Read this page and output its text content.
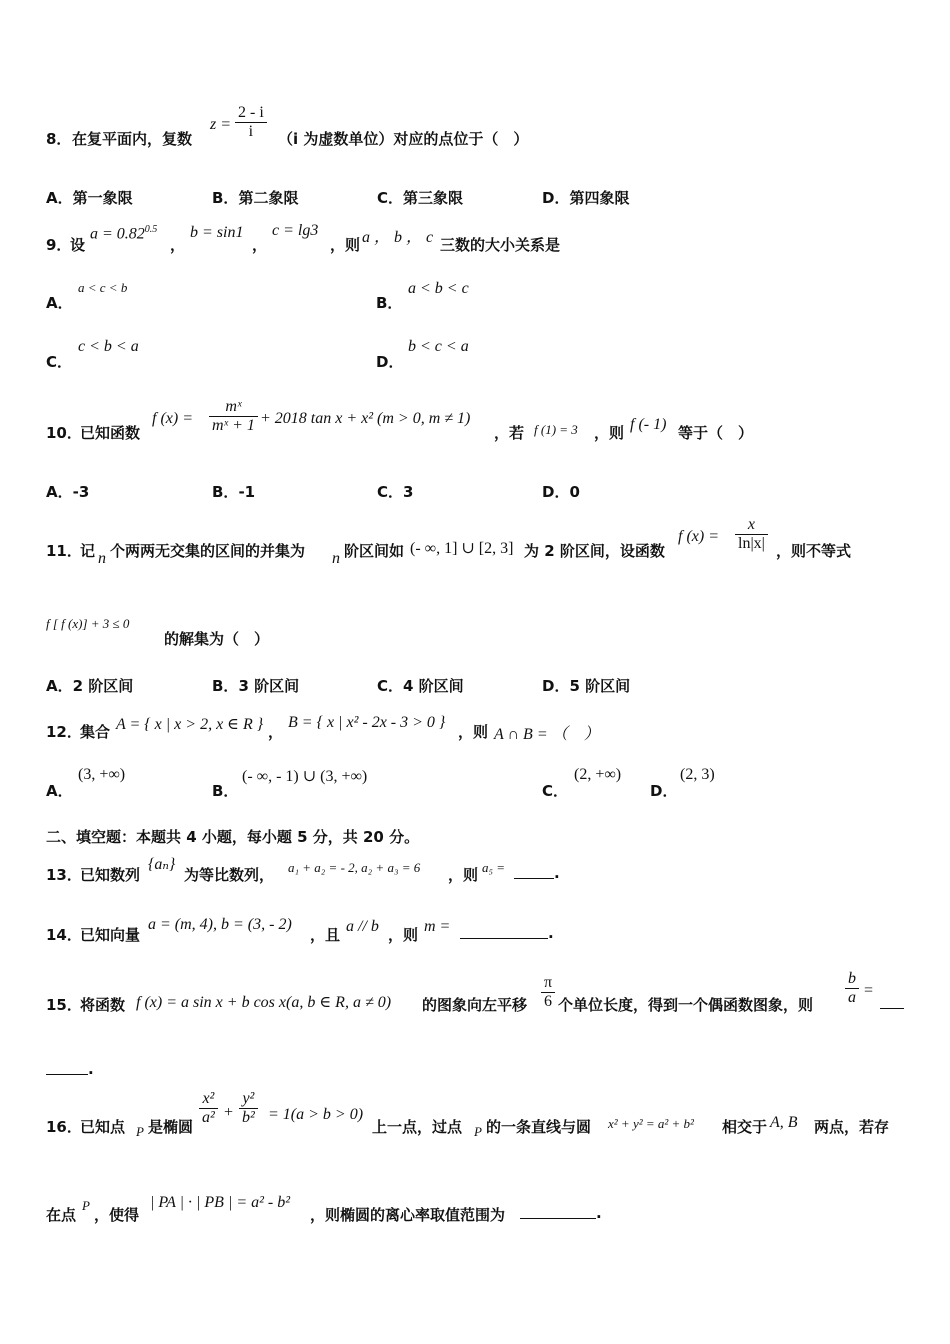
8． 在复平面内，复数
$z = \frac{2 - i}{i} (i$ 为虚数单位）对应的点位于（　）
A．第一象限	B．第二象限	C．第三象限	D．第四象限
9．
设
$a = 0.82^{0.5}$
，
b = sin1
，
c = lg3
，则 a ， b ， c 三数的大小关系是
A．
a < c < b
B．
a < b < c
C．
c < b < a
D．
b < c < a
10．
已知函数
f $(x) = \frac{\text{mˣ}}{\text{mˣ + 1}} + 2018$ tan x + x² (m > 0, m ≠ 1)
，若 f (1) = 3 ，则 f (- 1) 等于（　）
A．-3	B．-1	C．3	D．0
11．
记 n 个两两无交集的区间的并集为 n 阶区间如 (- ∞, 1] ∪ [2, 3] 为 2 阶区间，设函数
f $(x) = \frac{x}{\ln|x|}$ ，则不等式
f [ f (x)] + 3 ≤ 0
的解集为（　）
A．2 阶区间	B．3 阶区间	C．4 阶区间	D．5 阶区间
12．
集合 A = { x | x > 2, x ∈ R } ，
B = { x | x² - 2x - 3 > 0 }
，则 A ∩ B = （　）
A．
(3, +∞)
B．
(- ∞, - 1) ∪ (3, +∞)
C．
(2, +∞)
D．
(2, 3)
二、填空题：本题共 4 小题，每小题 5 分，共 20 分。
13．
已知数列
{aₙ}
为等比数列， a₁ + a₂ = - 2, a₂ + a₃ = 6 ，则 a₅ =	.
14．
已知向量
a = (m, 4), b = (3, - 2)
，且 a // b ，则 m =	.
15．
将函数 f (x) = a sin x + b cos x(a, b ∈ R, a ≠ 0) 的图象向左平移 $\frac{\pi}{6}$ 个单位长度，得到一个偶函数图象，则 $\frac{b}{a}$ =
.
16．
已知点 P 是椭圆 $\frac{\text{x²}}{\text{a²}} + \frac{\text{y²}}{\text{b²}} = 1(a > b > 0)$
上一点，过点 P 的一条直线与圆 x² + y² = a² + b² 相交于 A, B 两点，若存
在点
P
，使得
| PA | · | PB | = a² - b²
，则椭圆的离心率取值范围为	.
